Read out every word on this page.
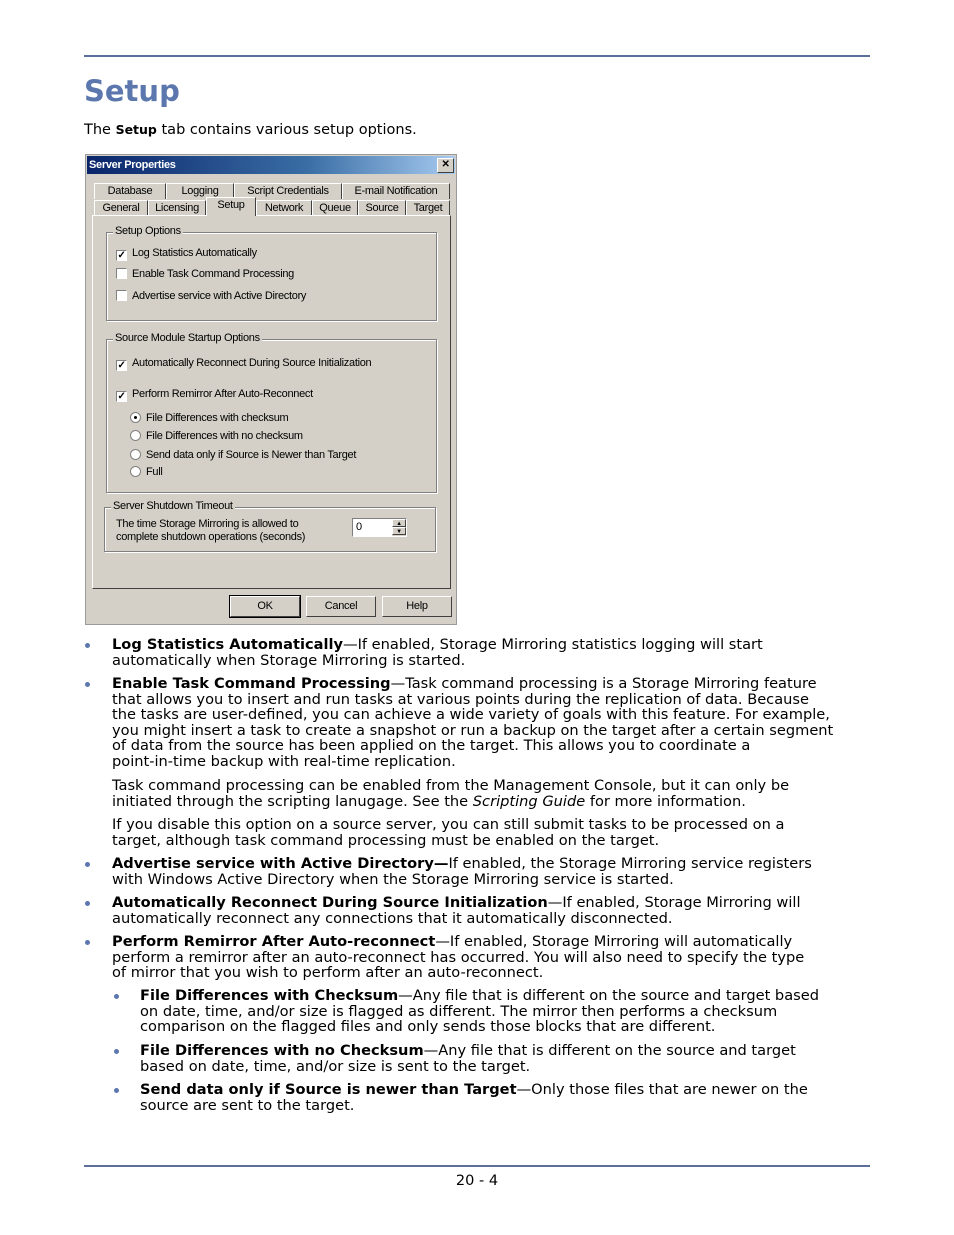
Setup
The Setup tab contains various setup options.
Server Properties	✕
Database	Logging	Script Credentials	E-mail Notification
General	Licensing	Setup	Network	Queue	Source	Target
Setup Options
✓ Log Statistics Automatically
Enable Task Command Processing
Advertise service with Active Directory
Source Module Startup Options
✓ Automatically Reconnect During Source Initialization
✓ Perform Remirror After Auto-Reconnect
File Differences with checksum
File Differences with no checksum
Send data only if Source is Newer than Target
Full
Server Shutdown Timeout
The time Storage Mirroring is allowed to
complete shutdown operations (seconds)
0	▲
▼
OK	Cancel	Help
Log Statistics Automatically—If enabled, Storage Mirroring statistics logging will start
automatically when Storage Mirroring is started.
Enable Task Command Processing—Task command processing is a Storage Mirroring feature
that allows you to insert and run tasks at various points during the replication of data. Because
the tasks are user-defined, you can achieve a wide variety of goals with this feature. For example,
you might insert a task to create a snapshot or run a backup on the target after a certain segment
of data from the source has been applied on the target. This allows you to coordinate a
point-in-time backup with real-time replication.
Task command processing can be enabled from the Management Console, but it can only be
initiated through the scripting lanugage. See the Scripting Guide for more information.
If you disable this option on a source server, you can still submit tasks to be processed on a
target, although task command processing must be enabled on the target.
Advertise service with Active Directory—If enabled, the Storage Mirroring service registers
with Windows Active Directory when the Storage Mirroring service is started.
Automatically Reconnect During Source Initialization—If enabled, Storage Mirroring will
automatically reconnect any connections that it automatically disconnected.
Perform Remirror After Auto-reconnect—If enabled, Storage Mirroring will automatically
perform a remirror after an auto-reconnect has occurred. You will also need to specify the type
of mirror that you wish to perform after an auto-reconnect.
File Differences with Checksum—Any file that is different on the source and target based
on date, time, and/or size is flagged as different. The mirror then performs a checksum
comparison on the flagged files and only sends those blocks that are different.
File Differences with no Checksum—Any file that is different on the source and target
based on date, time, and/or size is sent to the target.
Send data only if Source is newer than Target—Only those files that are newer on the
source are sent to the target.
20 - 4
